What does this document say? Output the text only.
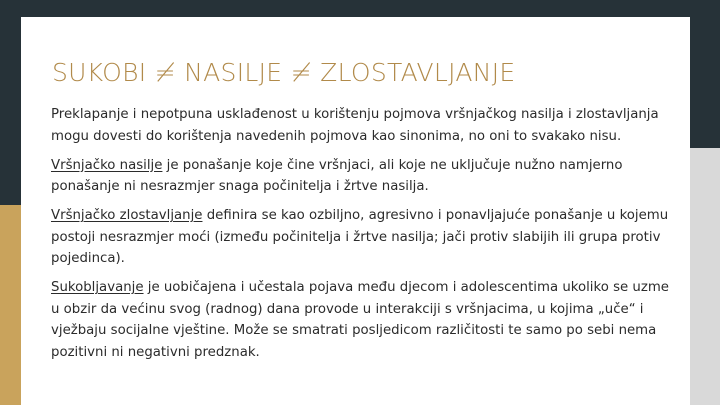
SUKOBI ≠ NASILJE ≠ ZLOSTAVLJANJE

Preklapanje i nepotpuna usklađenost u korištenju pojmova vršnjačkog nasilja i zlostavljanja mogu dovesti do korištenja navedenih pojmova kao sinonima, no oni to svakako nisu.

Vršnjačko nasilje je ponašanje koje čine vršnjaci, ali koje ne uključuje nužno namjerno ponašanje ni nesrazmjer snaga počinitelja i žrtve nasilja.

Vršnjačko zlostavljanje definira se kao ozbiljno, agresivno i ponavljajuće ponašanje u kojemu postoji nesrazmjer moći (između počinitelja i žrtve nasilja; jači protiv slabijih ili grupa protiv pojedinca).

Sukobljavanje je uobičajena i učestala pojava među djecom i adolescentima ukoliko se uzme u obzir da većinu svog (radnog) dana provode u interakciji s vršnjacima, u kojima „uče“ i vježbaju socijalne vještine. Može se smatrati posljedicom različitosti te samo po sebi nema pozitivni ni negativni predznak.
